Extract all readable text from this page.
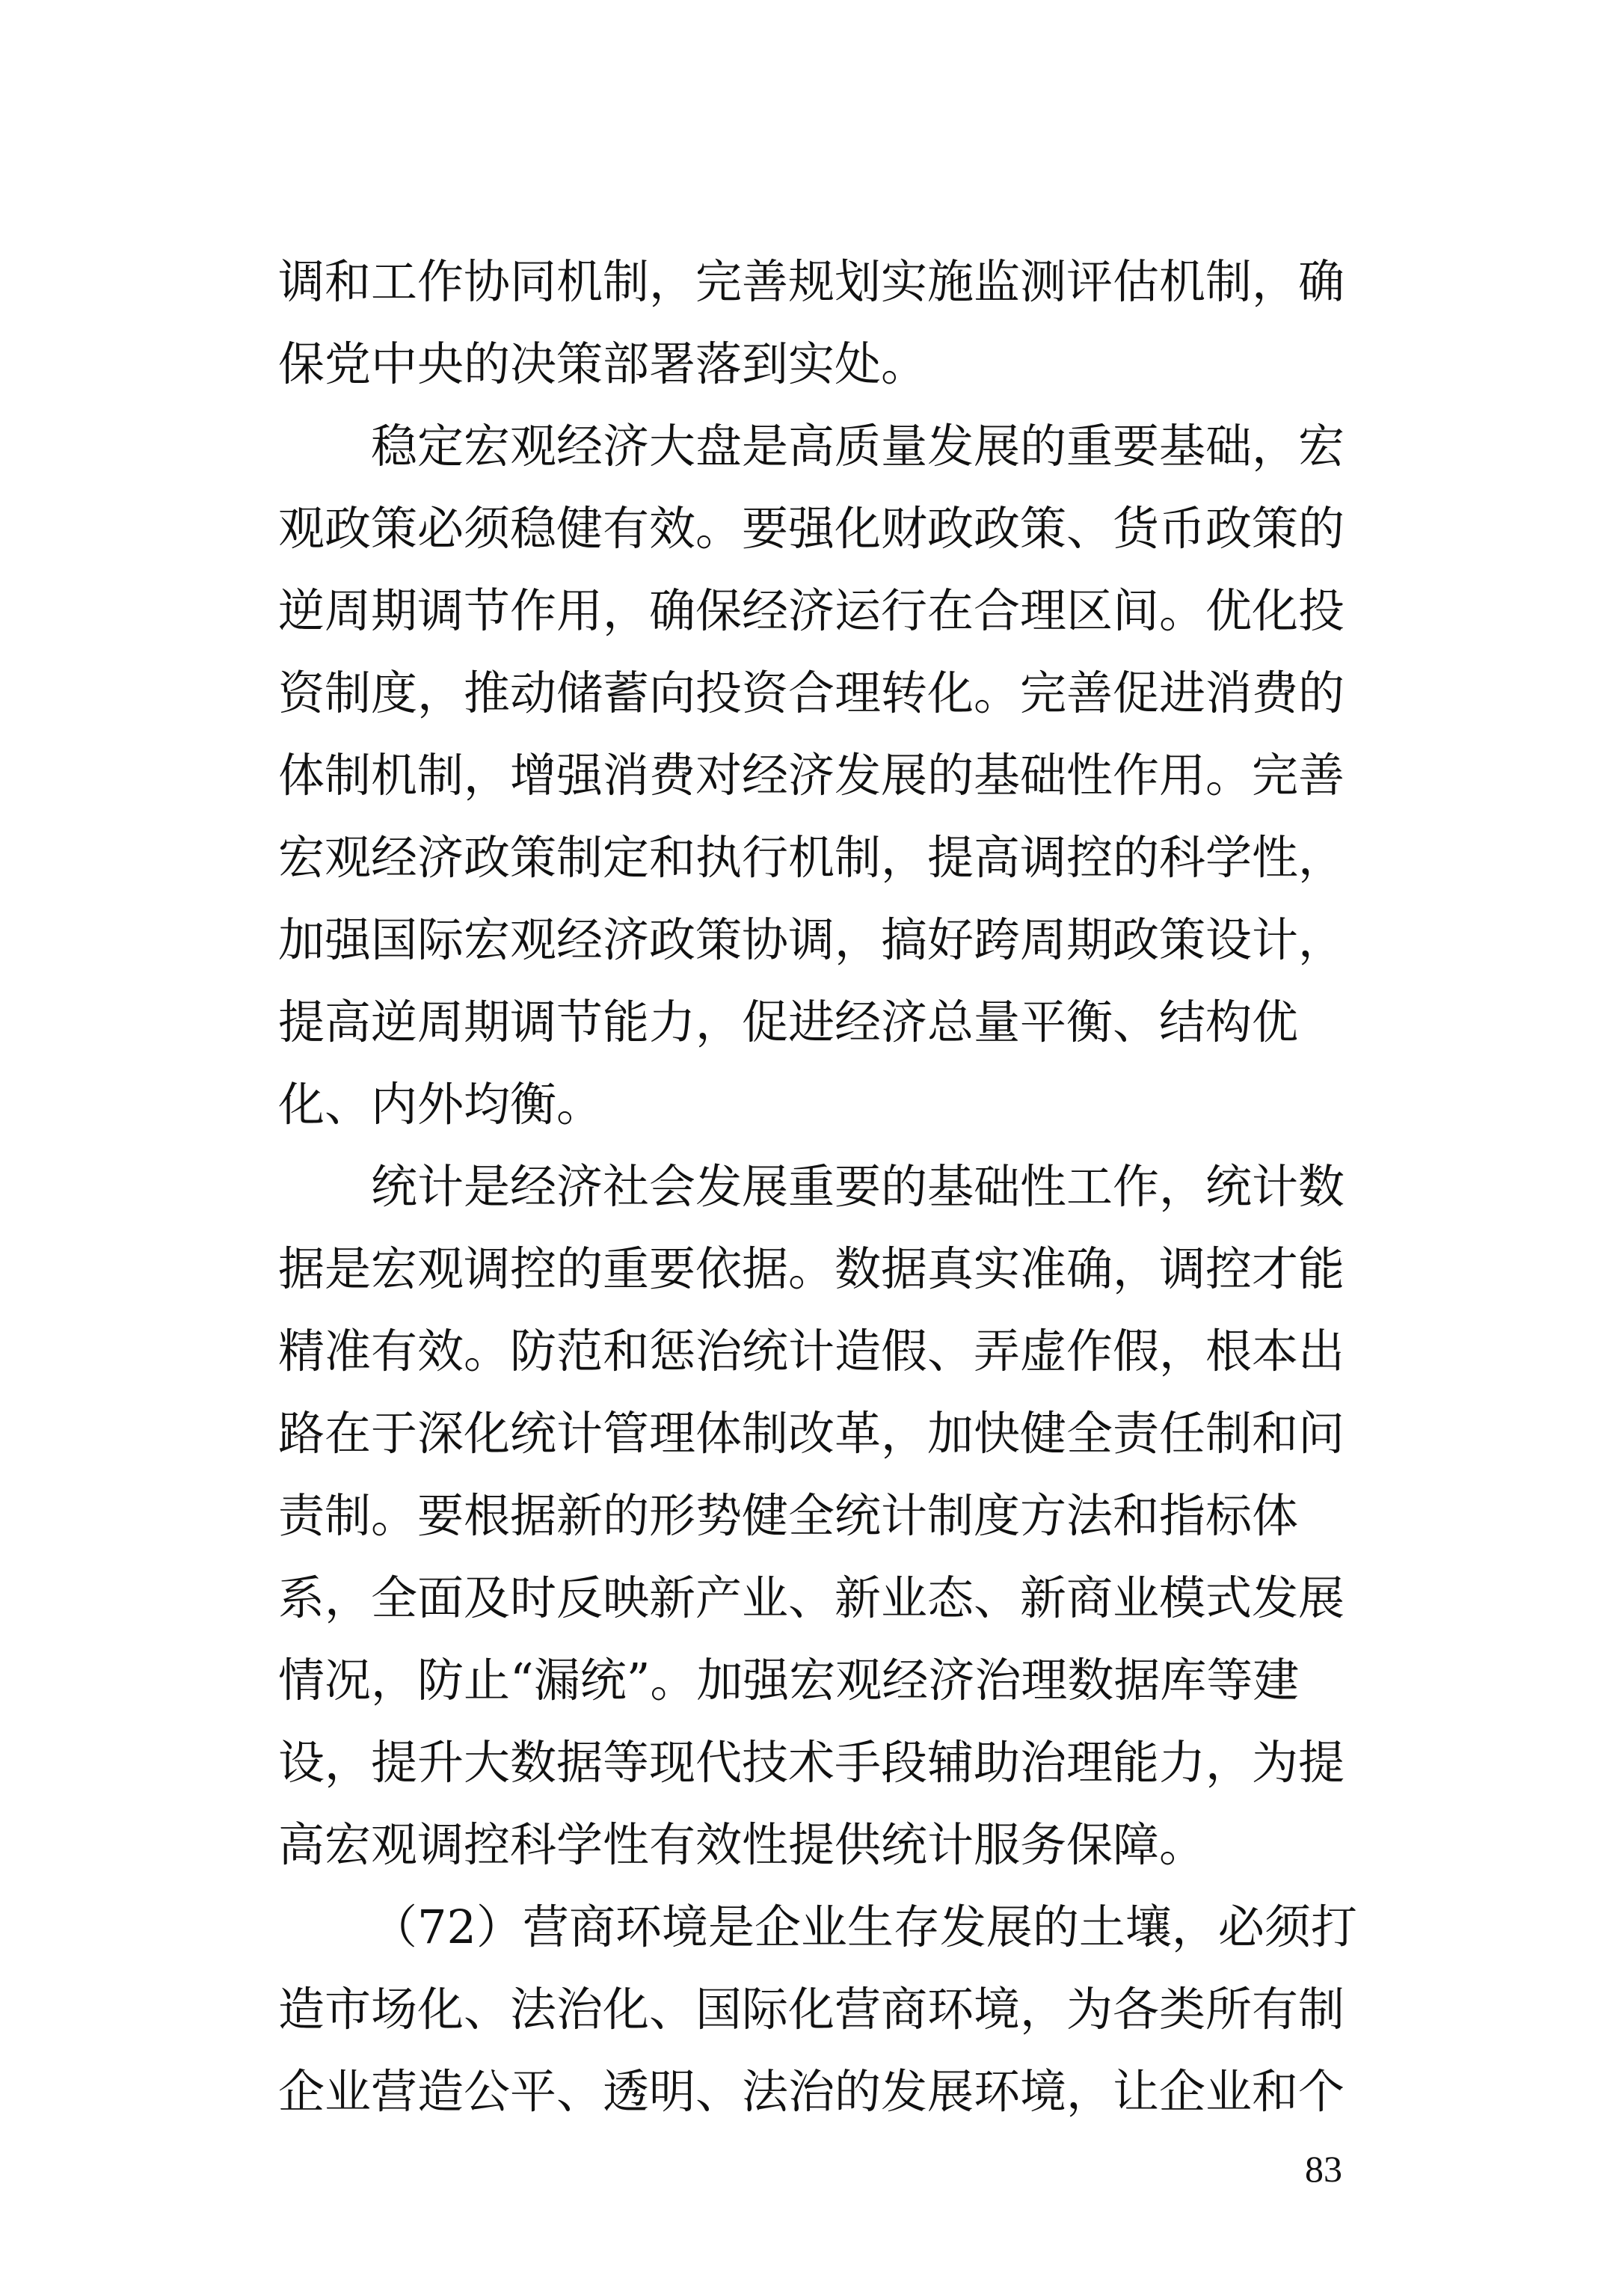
调和工作协同机制，完善规划实施监测评估机制，确
保党中央的决策部署落到实处。
稳定宏观经济大盘是高质量发展的重要基础，宏
观政策必须稳健有效。要强化财政政策、货币政策的
逆周期调节作用，确保经济运行在合理区间。优化投
资制度，推动储蓄向投资合理转化。完善促进消费的
体制机制，增强消费对经济发展的基础性作用。完善
宏观经济政策制定和执行机制，提高调控的科学性，
加强国际宏观经济政策协调，搞好跨周期政策设计，
提高逆周期调节能力，促进经济总量平衡、结构优
化、内外均衡。
统计是经济社会发展重要的基础性工作，统计数
据是宏观调控的重要依据。数据真实准确，调控才能
精准有效。防范和惩治统计造假、弄虚作假，根本出
路在于深化统计管理体制改革，加快健全责任制和问
责制。要根据新的形势健全统计制度方法和指标体
系，全面及时反映新产业、新业态、新商业模式发展
情况，防止“漏统”。加强宏观经济治理数据库等建
设，提升大数据等现代技术手段辅助治理能力，为提
高宏观调控科学性有效性提供统计服务保障。
（72）营商环境是企业生存发展的土壤，必须打
造市场化、法治化、国际化营商环境，为各类所有制
企业营造公平、透明、法治的发展环境，让企业和个
83
